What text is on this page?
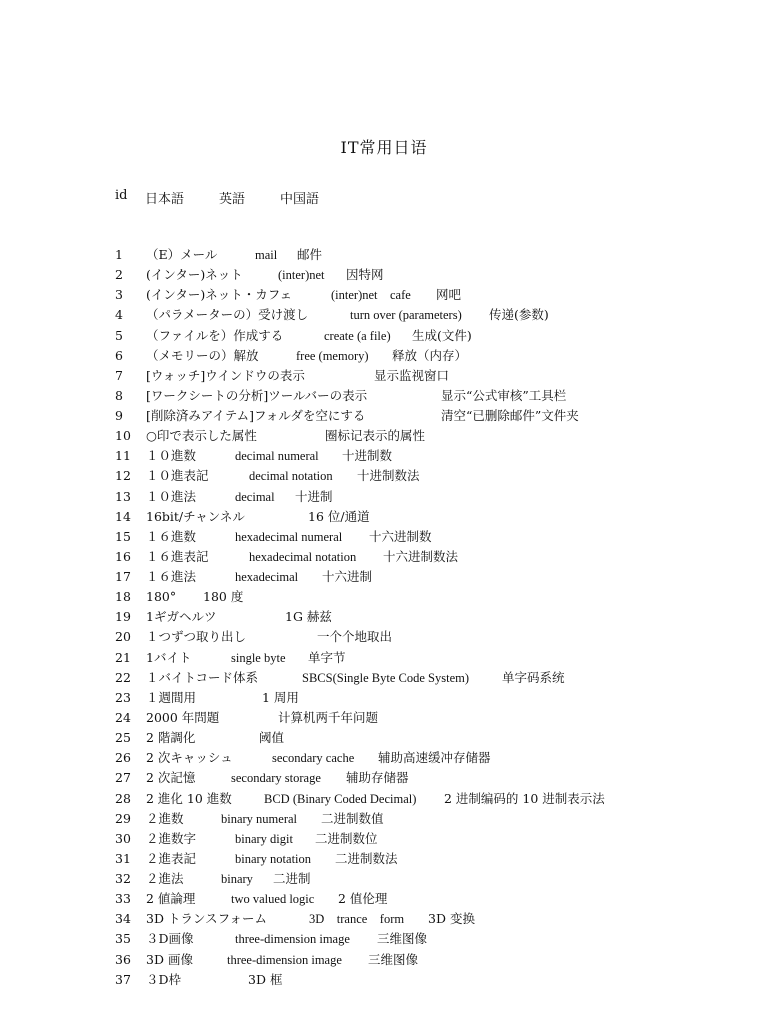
IT常用日语
id 日本語	英語	中国語
1 （E）メール	mail 邮件
2 (インター)ネット	(inter)net 因特网
3 (インター)ネット・カフェ	(inter)net　cafe 网吧
4 （パラメーターの）受け渡し	turn over (parameters) 传递(参数)
5 （ファイルを）作成する	create (a file) 生成(文件)
6 （メモリーの）解放	free (memory) 释放（内存）
7 [ウォッチ]ウインドウの表示	显示监视窗口
8 [ワークシートの分析]ツールバーの表示	显示“公式审核”工具栏
9 [削除済みアイテム]フォルダを空にする	清空“已删除邮件”文件夹
10 ○印で表示した属性	圈标记表示的属性
11 １０進数	decimal numeral 十进制数
12 １０進表記	decimal notation 十进制数法
13 １０進法	decimal 十进制
14 16bit/チャンネル	16 位/通道
15 １６進数	hexadecimal numeral 十六进制数
16 １６進表記	hexadecimal notation 十六进制数法
17 １６進法	hexadecimal 十六进制
18 180° 180 度
19 1ギガヘルツ	1G 赫兹
20 １つずつ取り出し	一个个地取出
21 1バイト	single byte 单字节
22 １バイトコード体系	SBCS(Single Byte Code System)	单字码系统
23 １週間用	1 周用
24 2000 年問題	计算机两千年问题
25 2 階調化	阈值
26 2 次キャッシュ	secondary cache 辅助高速缓冲存储器
27 2 次記憶	secondary storage 辅助存储器
28 2 進化 10 進数	BCD (Binary Coded Decimal) 2 进制编码的 10 进制表示法
29 ２進数	binary numeral 二进制数值
30 ２進数字	binary digit 二进制数位
31 ２進表記	binary notation 二进制数法
32 ２進法	binary 二进制
33 2 値論理	two valued logic 2 值伦理
34 3D トランスフォーム	3D　trance　form 3D 变换
35 ３D画像	three-dimension image 三维图像
36 3D 画像	three-dimension image 三维图像
37 ３D枠	3D 框
